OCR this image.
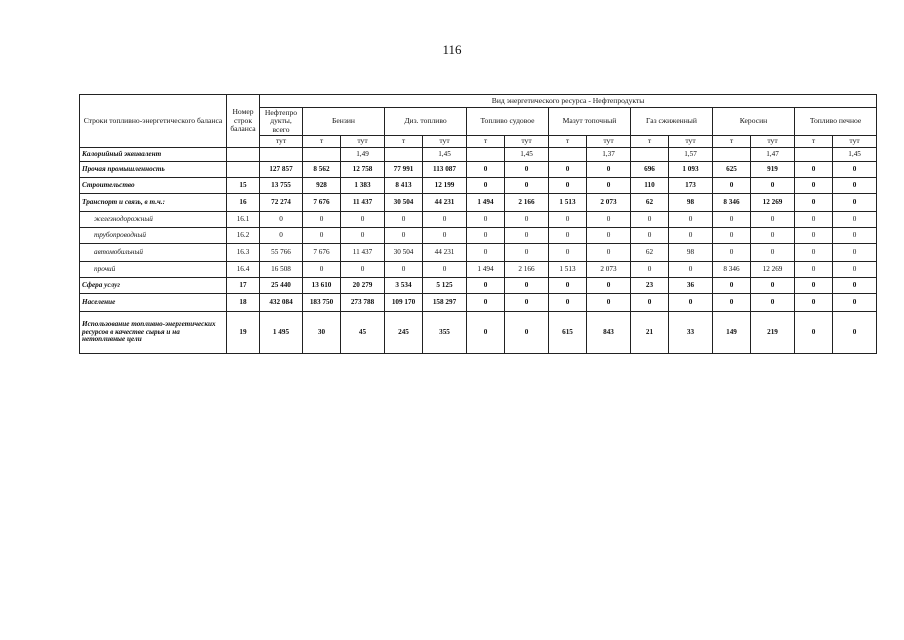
116
Строки топливно-энергетического баланса	Номер строк баланса	Вид энергетического ресурса - Нефтепродукты														
		Нефтепро дукты, всего	Бензин		Диз. топливо		Топливо судовое		Мазут топочный		Газ сжиженный		Керосин		Топливо печное	
		тут	т	тут	т	тут	т	тут	т	тут	т	тут	т	тут	т	тут
Калорийный эквивалент				1,49		1,45		1,45		1,37		1,57		1,47		1,45
Прочая промышленность		127 857	8 562	12 758	77 991	113 087	0	0	0	0	696	1 093	625	919	0	0
Строительство	15	13 755	928	1 383	8 413	12 199	0	0	0	0	110	173	0	0	0	0
Транспорт и связь, в т.ч.:	16	72 274	7 676	11 437	30 504	44 231	1 494	2 166	1 513	2 073	62	98	8 346	12 269	0	0
железнодорожный	16.1	0	0	0	0	0	0	0	0	0	0	0	0	0	0	0
трубопроводный	16.2	0	0	0	0	0	0	0	0	0	0	0	0	0	0	0
автомобильный	16.3	55 766	7 676	11 437	30 504	44 231	0	0	0	0	62	98	0	0	0	0
прочий	16.4	16 508	0	0	0	0	1 494	2 166	1 513	2 073	0	0	8 346	12 269	0	0
Сфера услуг	17	25 440	13 610	20 279	3 534	5 125	0	0	0	0	23	36	0	0	0	0
Население	18	432 084	183 750	273 788	109 170	158 297	0	0	0	0	0	0	0	0	0	0
Использование топливно-энергетических ресурсов в качестве сырья и на нетопливные цели	19	1 495	30	45	245	355	0	0	615	843	21	33	149	219	0	0
